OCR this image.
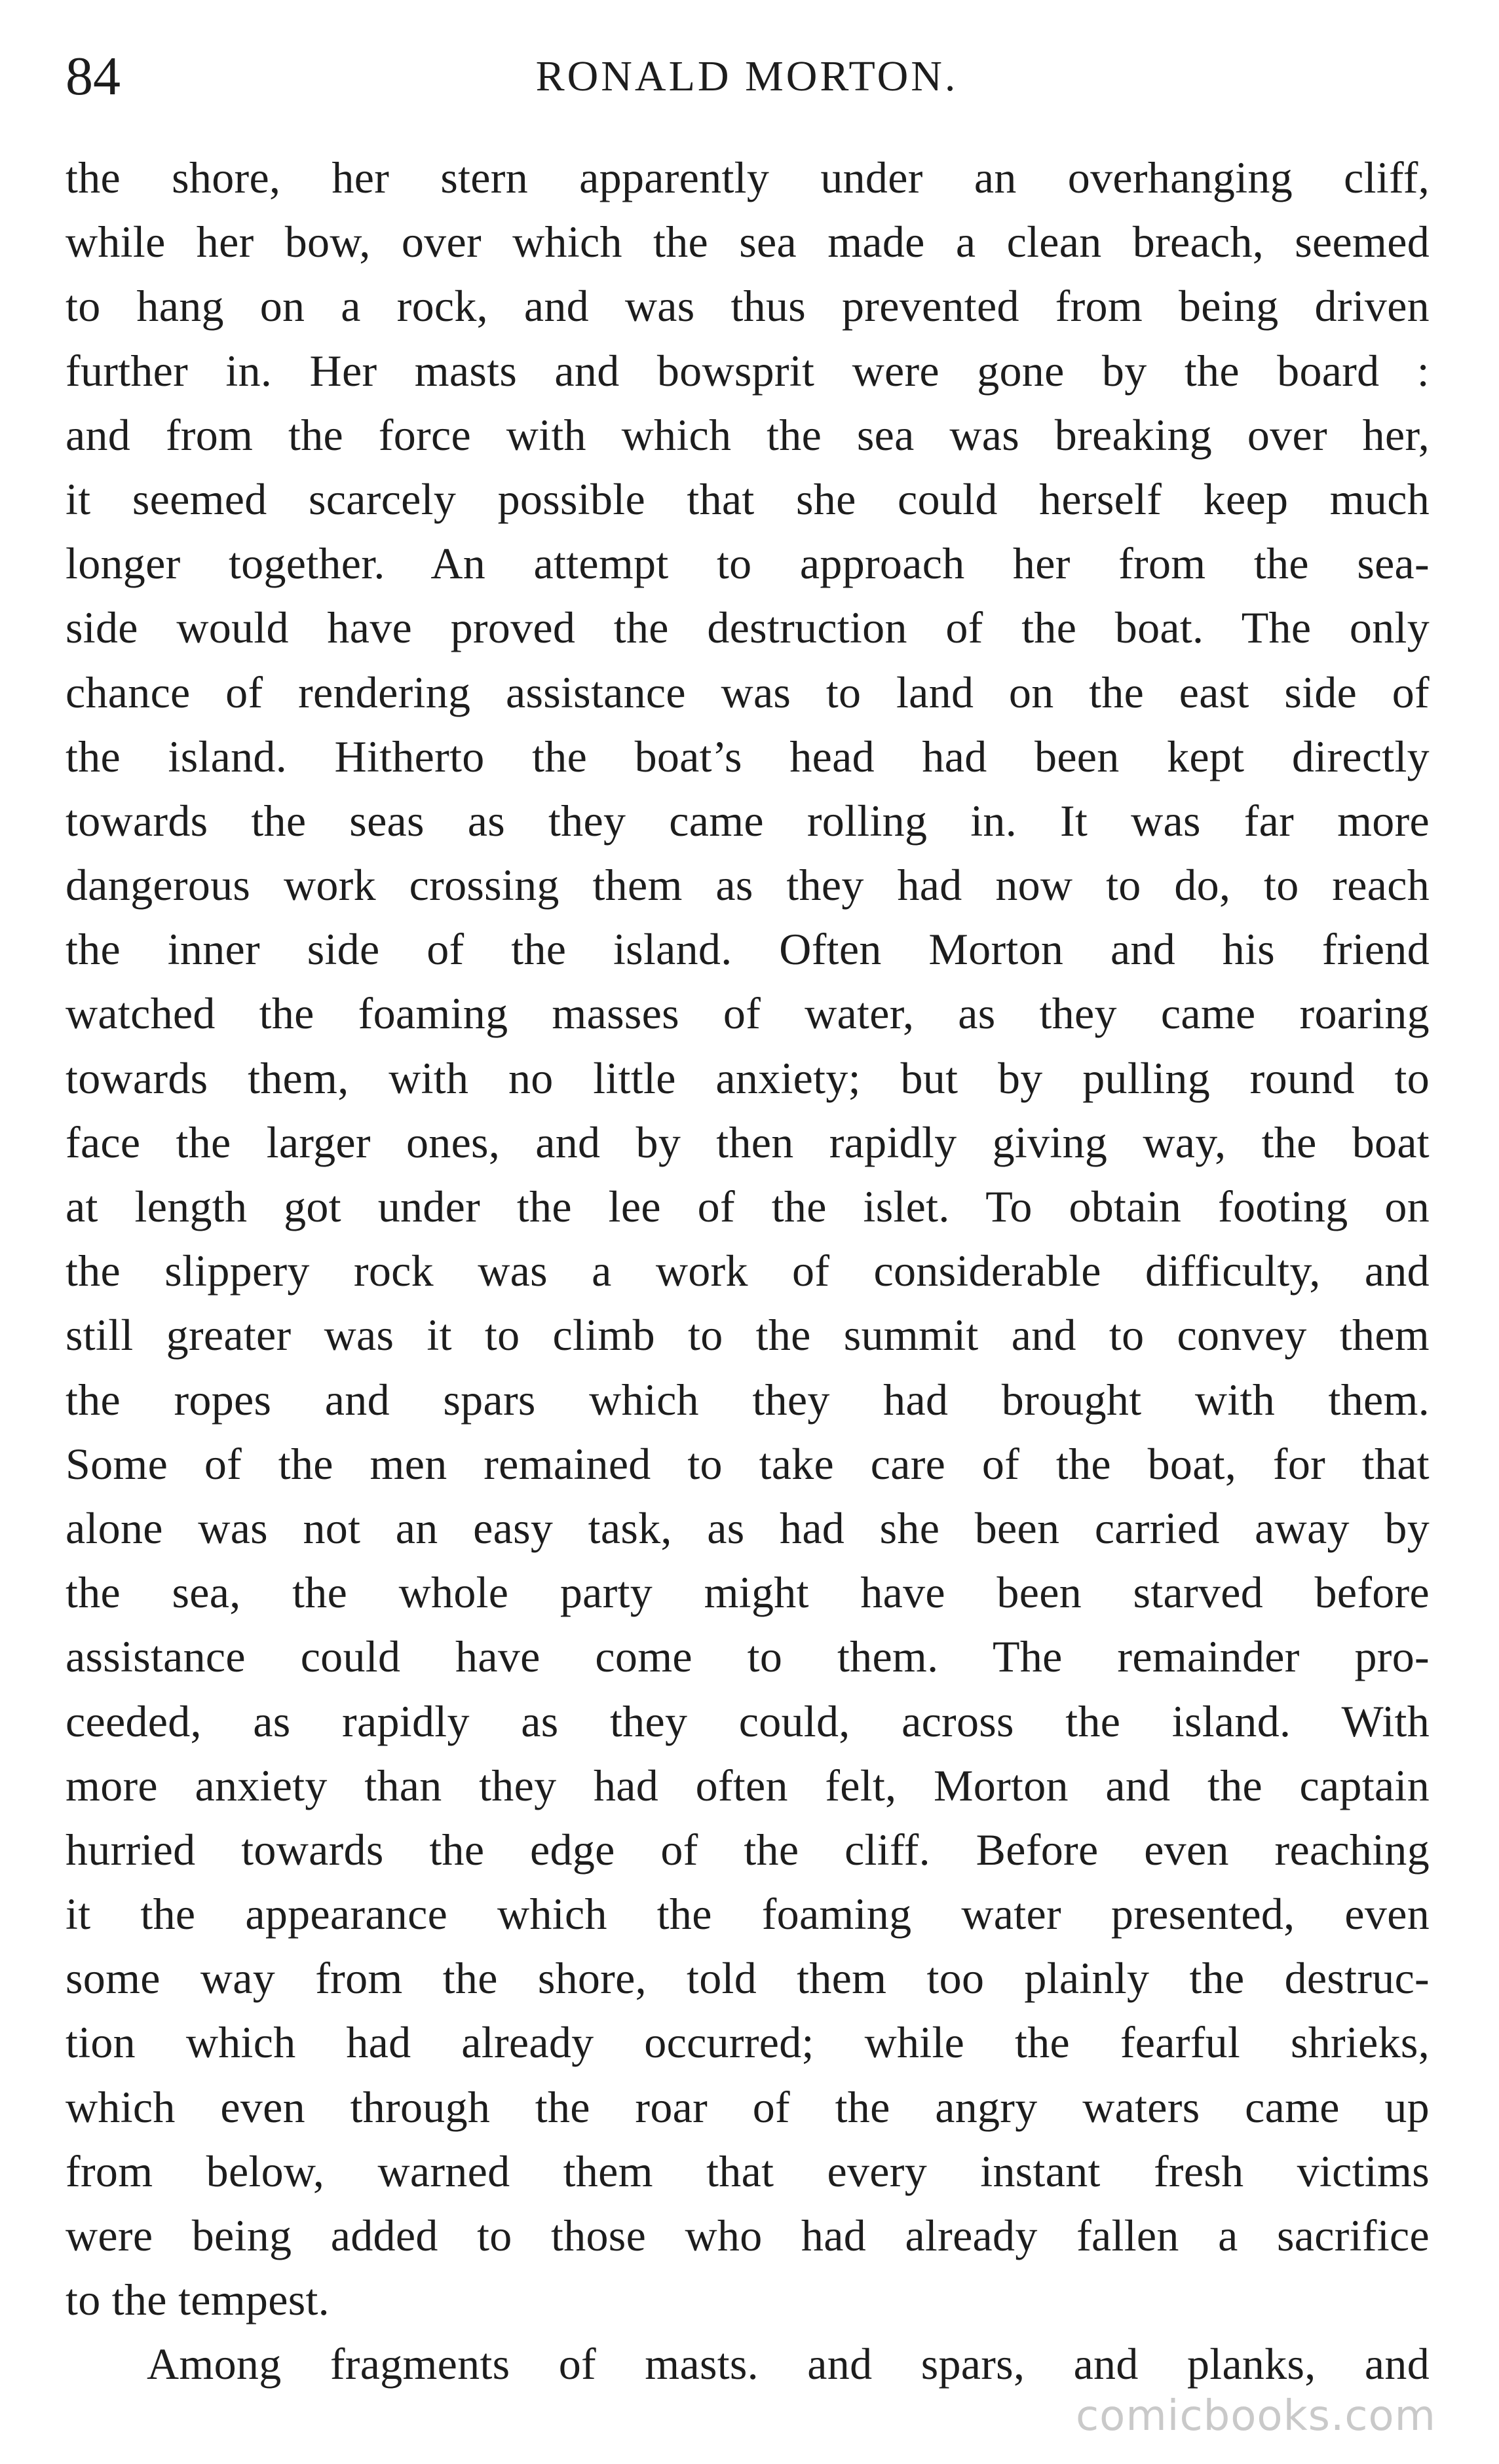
84	RONALD MORTON.
the shore, her stern apparently under an overhanging cliff,
while her bow, over which the sea made a clean breach, seemed
to hang on a rock, and was thus prevented from being driven
further in. Her masts and bowsprit were gone by the board :
and from the force with which the sea was breaking over her,
it seemed scarcely possible that she could herself keep much
longer together. An attempt to approach her from the sea-
side would have proved the destruction of the boat. The only
chance of rendering assistance was to land on the east side of
the island. Hitherto the boat’s head had been kept directly
towards the seas as they came rolling in. It was far more
dangerous work crossing them as they had now to do, to reach
the inner side of the island. Often Morton and his friend
watched the foaming masses of water, as they came roaring
towards them, with no little anxiety; but by pulling round to
face the larger ones, and by then rapidly giving way, the boat
at length got under the lee of the islet. To obtain footing on
the slippery rock was a work of considerable difficulty, and
still greater was it to climb to the summit and to convey them
the ropes and spars which they had brought with them.
Some of the men remained to take care of the boat, for that
alone was not an easy task, as had she been carried away by
the sea, the whole party might have been starved before
assistance could have come to them. The remainder pro-
ceeded, as rapidly as they could, across the island. With
more anxiety than they had often felt, Morton and the captain
hurried towards the edge of the cliff. Before even reaching
it the appearance which the foaming water presented, even
some way from the shore, told them too plainly the destruc-
tion which had already occurred; while the fearful shrieks,
which even through the roar of the angry waters came up
from below, warned them that every instant fresh victims
were being added to those who had already fallen a sacrifice
to the tempest.
Among fragments of masts. and spars, and planks, and
comicbooks.com
